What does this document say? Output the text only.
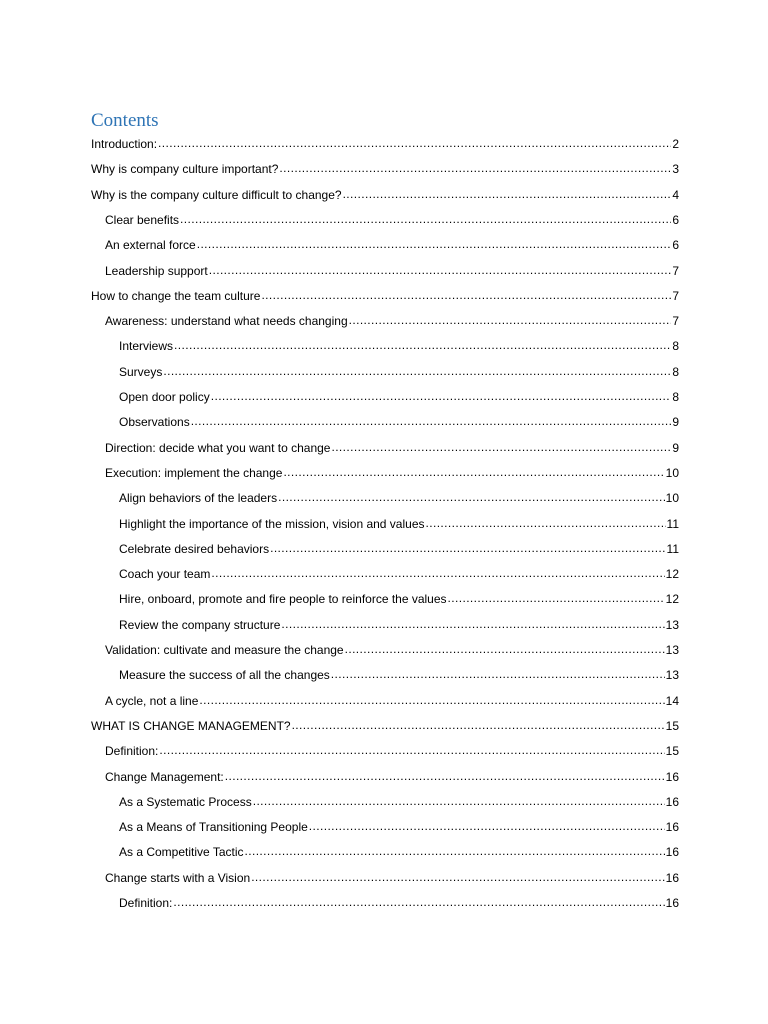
Contents
Introduction: .....	2
Why is company culture important? .....	3
Why is the company culture difficult to change? .....	4
Clear benefits .....	6
An external force .....	6
Leadership support .....	7
How to change the team culture .....	7
Awareness: understand what needs changing .....	7
Interviews .....	8
Surveys .....	8
Open door policy .....	8
Observations .....	9
Direction: decide what you want to change .....	9
Execution: implement the change .....	10
Align behaviors of the leaders .....	10
Highlight the importance of the mission, vision and values .....	11
Celebrate desired behaviors .....	11
Coach your team .....	12
Hire, onboard, promote and fire people to reinforce the values .....	12
Review the company structure .....	13
Validation: cultivate and measure the change .....	13
Measure the success of all the changes .....	13
A cycle, not a line .....	14
WHAT IS CHANGE MANAGEMENT? .....	15
Definition: .....	15
Change Management: .....	16
As a Systematic Process .....	16
As a Means of Transitioning People .....	16
As a Competitive Tactic .....	16
Change starts with a Vision .....	16
Definition: .....	16
